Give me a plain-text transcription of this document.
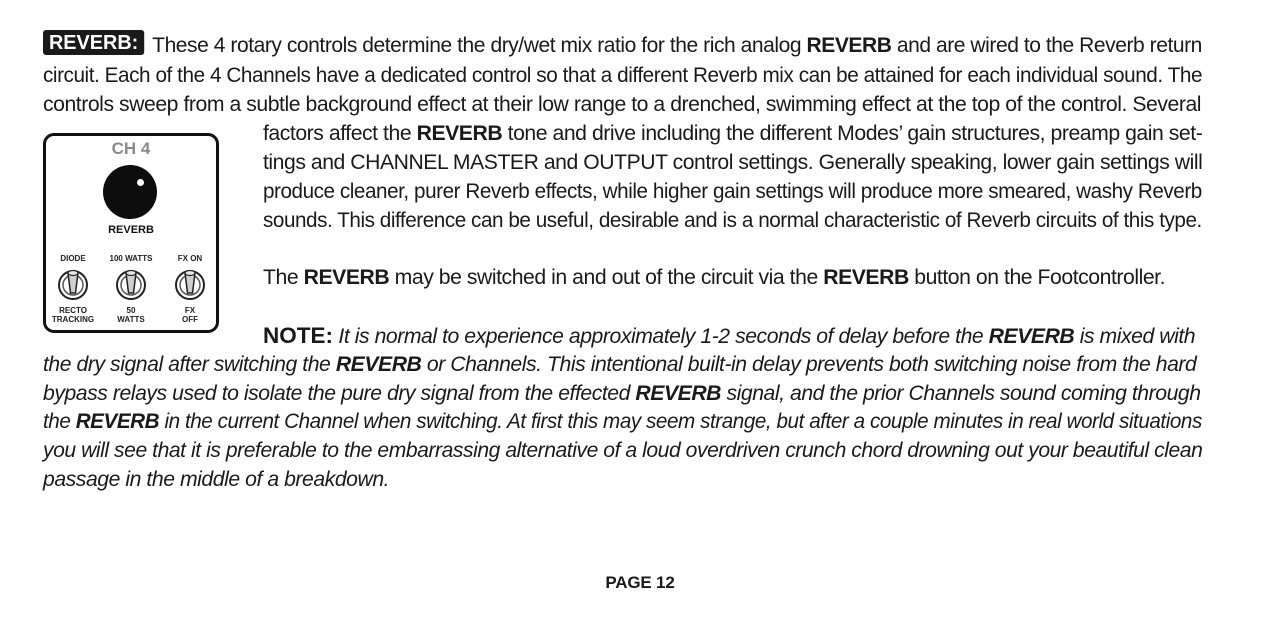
REVERB: These 4 rotary controls determine the dry/wet mix ratio for the rich analog REVERB and are wired to the Reverb return
circuit. Each of the 4 Channels have a dedicated control so that a different Reverb mix can be attained for each individual sound. The
controls sweep from a subtle background effect at their low range to a drenched, swimming effect at the top of the control. Several
factors affect the REVERB tone and drive including the different Modes’ gain structures, preamp gain set-
tings and CHANNEL MASTER and OUTPUT control settings. Generally speaking, lower gain settings will
produce cleaner, purer Reverb effects, while higher gain settings will produce more smeared, washy Reverb
sounds. This difference can be useful, desirable and is a normal characteristic of Reverb circuits of this type.
The REVERB may be switched in and out of the circuit via the REVERB button on the Footcontroller.
NOTE: It is normal to experience approximately 1-2 seconds of delay before the REVERB is mixed with
the dry signal after switching the REVERB or Channels. This intentional built-in delay prevents both switching noise from the hard
bypass relays used to isolate the pure dry signal from the effected REVERB signal, and the prior Channels sound coming through
the REVERB in the current Channel when switching. At first this may seem strange, but after a couple minutes in real world situations
you will see that it is preferable to the embarrassing alternative of a loud overdriven crunch chord drowning out your beautiful clean
passage in the middle of a breakdown.
CH 4
REVERB
DIODE
RECTO
TRACKING
100 WATTS
50
WATTS
FX ON
FX
OFF
PAGE 12
